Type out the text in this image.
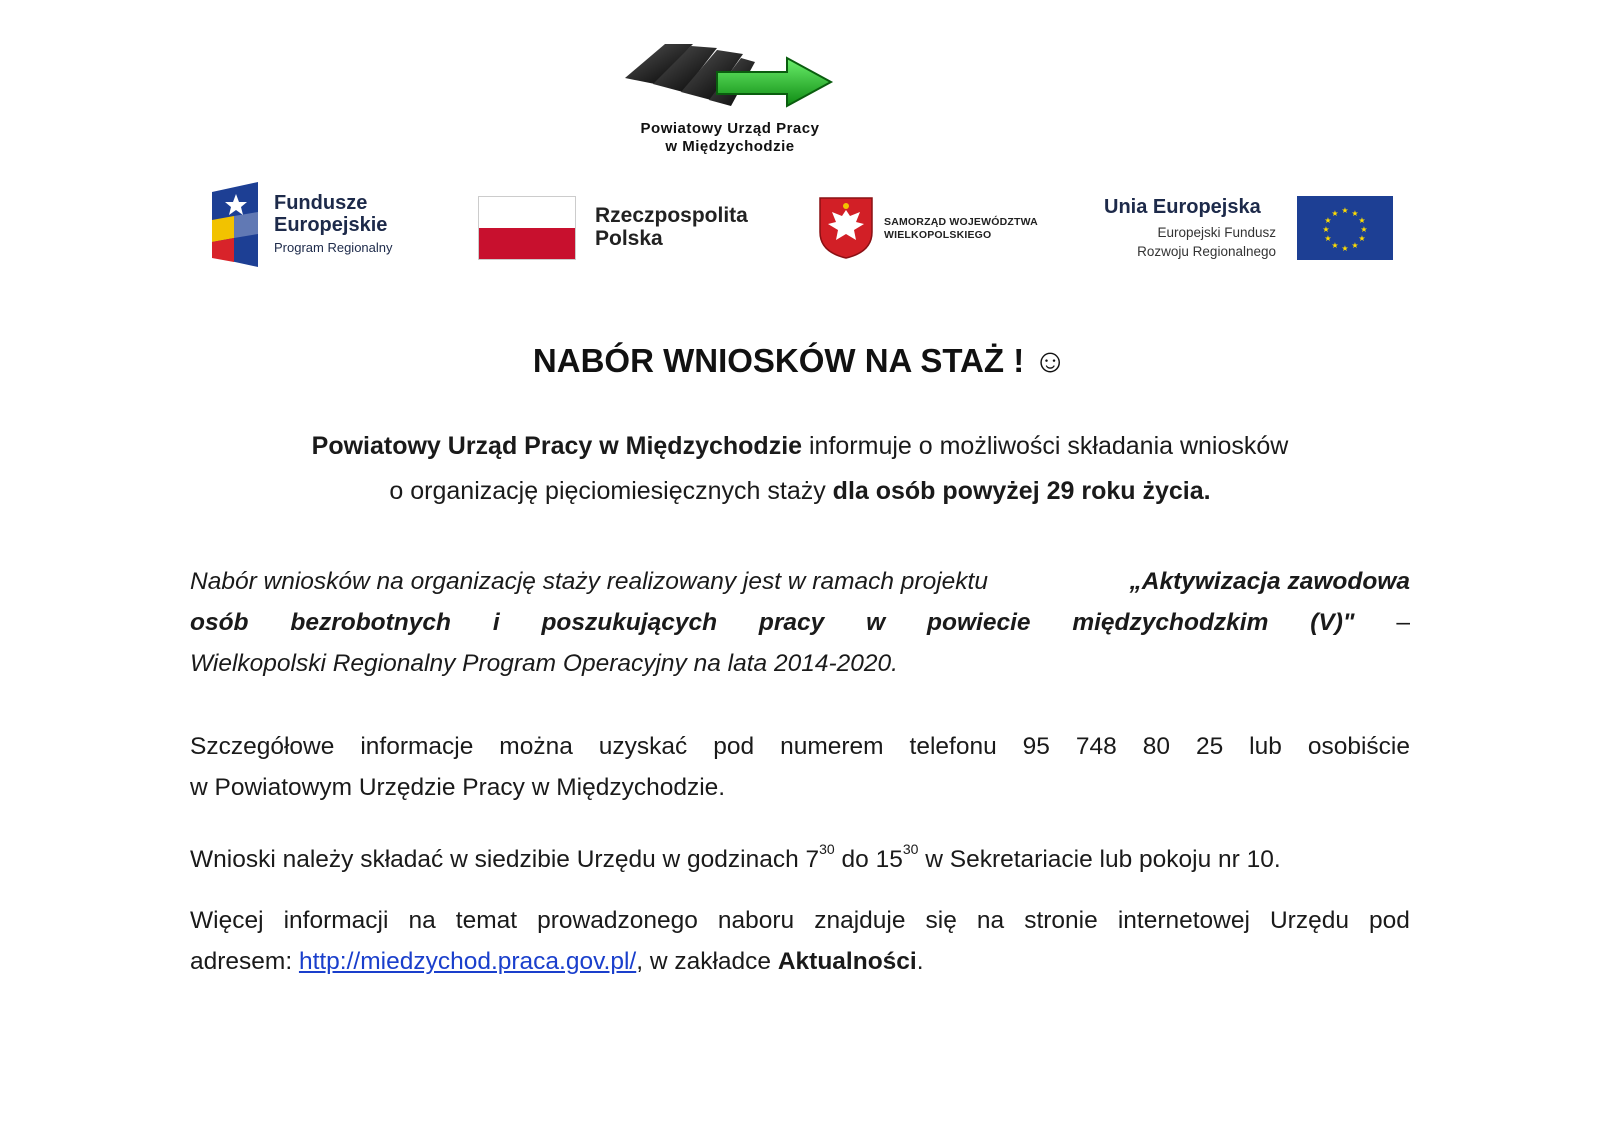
Powiatowy Urząd Pracy
w Międzychodzie
Fundusze
Europejskie
Program Regionalny
Rzeczpospolita
Polska
SAMORZĄD WOJEWÓDZTWA
WIELKOPOLSKIEGO
Unia Europejska
Europejski Fundusz
Rozwoju Regionalnego
★ ★
★
★
★
★
★
★
★
★
★
★
NABÓR WNIOSKÓW NA STAŻ ! ☺
Powiatowy Urząd Pracy w Międzychodzie informuje o możliwości składania wniosków
o organizację pięciomiesięcznych staży dla osób powyżej 29 roku życia.
Nabór wniosków na organizację staży realizowany jest w ramach projektu	„Aktywizacja zawodowa
osób bezrobotnych i poszukujących pracy w powiecie międzychodzkim (V)" –
Wielkopolski Regionalny Program Operacyjny na lata 2014-2020.
Szczegółowe informacje można uzyskać pod numerem telefonu 95 748 80 25 lub osobiście
w Powiatowym Urzędzie Pracy w Międzychodzie.
Wnioski należy składać w siedzibie Urzędu w godzinach $7^{30}$ do $15^{30}$ w Sekretariacie lub pokoju nr 10.
Więcej informacji na temat prowadzonego naboru znajduje się na stronie internetowej Urzędu pod
adresem: http://miedzychod.praca.gov.pl/, w zakładce Aktualności.
